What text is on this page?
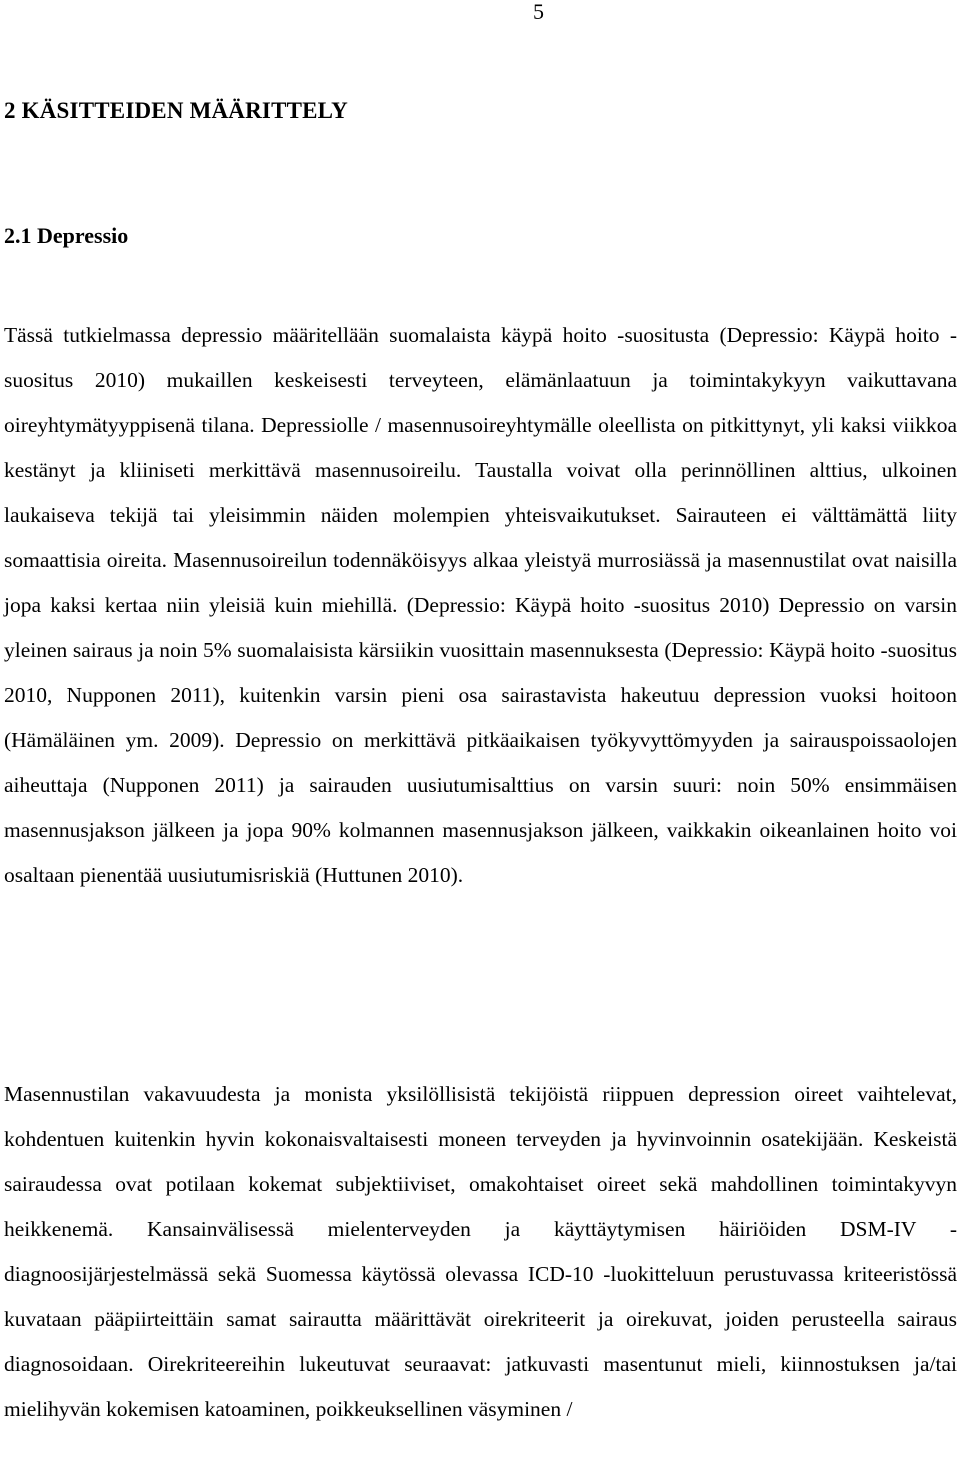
5
2 KÄSITTEIDEN MÄÄRITTELY
2.1 Depressio

Tässä tutkielmassa depressio määritellään suomalaista käypä hoito -suositusta (Depressio: Käypä hoito -suositus 2010) mukaillen keskeisesti terveyteen, elämänlaatuun ja toimintakykyyn vaikuttavana oireyhtymätyyppisenä tilana. Depressiolle / masennusoireyhtymälle oleellista on pitkittynyt, yli kaksi viikkoa kestänyt ja kliiniseti merkittävä masennusoireilu. Taustalla voivat olla perinnöllinen alttius, ulkoinen laukaiseva tekijä tai yleisimmin näiden molempien yhteisvaikutukset. Sairauteen ei välttämättä liity somaattisia oireita. Masennusoireilun todennäköisyys alkaa yleistyä murrosiässä ja masennustilat ovat naisilla jopa kaksi kertaa niin yleisiä kuin miehillä. (Depressio: Käypä hoito -suositus 2010) Depressio on varsin yleinen sairaus ja noin 5% suomalaisista kärsiikin vuosittain masennuksesta (Depressio: Käypä hoito -suositus 2010, Nupponen 2011), kuitenkin varsin pieni osa sairastavista hakeutuu depression vuoksi hoitoon (Hämäläinen ym. 2009). Depressio on merkittävä pitkäaikaisen työkyvyttömyyden ja sairauspoissaolojen aiheuttaja (Nupponen 2011) ja sairauden uusiutumisalttius on varsin suuri: noin 50% ensimmäisen masennusjakson jälkeen ja jopa 90% kolmannen masennusjakson jälkeen, vaikkakin oikeanlainen hoito voi osaltaan pienentää uusiutumisriskiä (Huttunen 2010).

Masennustilan vakavuudesta ja monista yksilöllisistä tekijöistä riippuen depression oireet vaihtelevat, kohdentuen kuitenkin hyvin kokonaisvaltaisesti moneen terveyden ja hyvinvoinnin osatekijään. Keskeistä sairaudessa ovat potilaan kokemat subjektiiviset, omakohtaiset oireet sekä mahdollinen toimintakyvyn heikkenemä. Kansainvälisessä mielenterveyden ja käyttäytymisen häiriöiden DSM-IV -diagnoosijärjestelmässä sekä Suomessa käytössä olevassa ICD-10 -luokitteluun perustuvassa kriteeristössä kuvataan pääpiirteittäin samat sairautta määrittävät oirekriteerit ja oirekuvat, joiden perusteella sairaus diagnosoidaan. Oirekriteereihin lukeutuvat seuraavat: jatkuvasti masentunut mieli, kiinnostuksen ja/tai mielihyvän kokemisen katoaminen, poikkeuksellinen väsyminen /
